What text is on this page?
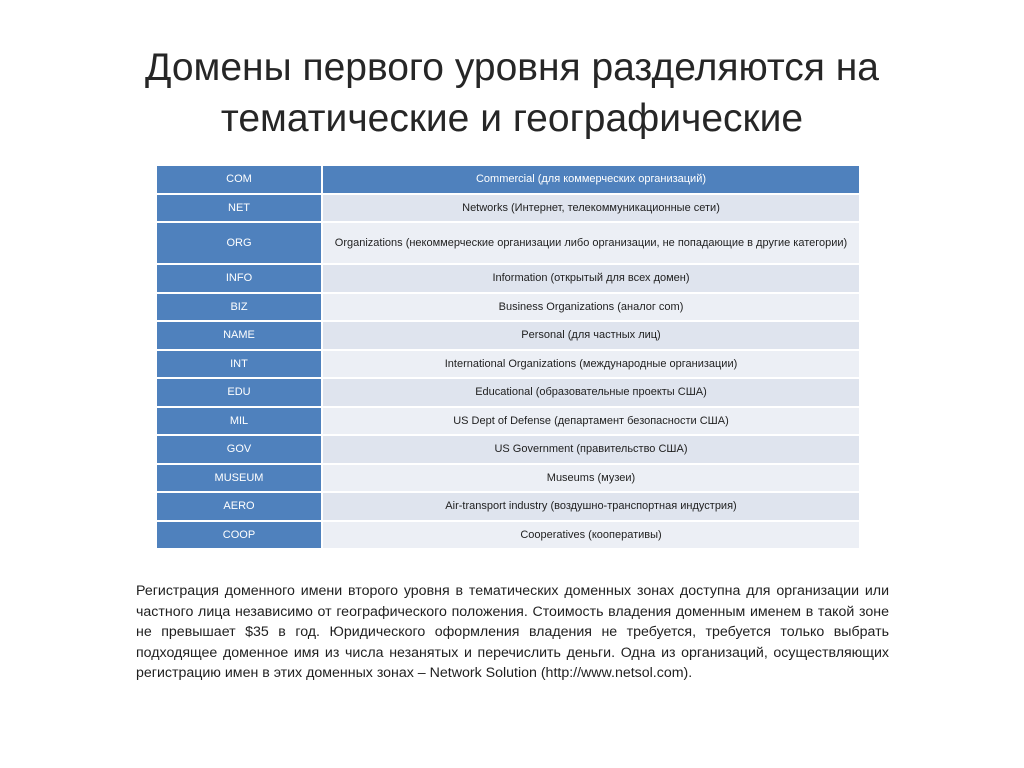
Домены первого уровня разделяются на
тематические и географические
COM	Commercial (для коммерческих организаций)
NET	Networks (Интернет, телекоммуникационные сети)
ORG	Organizations (некоммерческие организации либо организации, не попадающие в другие категории)
INFO	Information (открытый для всех домен)
BIZ	Business Organizations (аналог com)
NAME	Personal (для частных лиц)
INT	International Organizations (международные организации)
EDU	Educational (образовательные проекты США)
MIL	US Dept of Defense (департамент безопасности США)
GOV	US Government (правительство США)
MUSEUM	Museums (музеи)
AERO	Air-transport industry (воздушно-транспортная индустрия)
COOP	Cooperatives (кооперативы)
Регистрация доменного имени второго уровня в тематических доменных зонах доступна для организации или частного лица независимо от географического положения. Стоимость владения доменным именем в такой зоне не превышает $35 в год. Юридического оформления владения не требуется, требуется только выбрать подходящее доменное имя из числа незанятых и перечислить деньги. Одна из организаций, осуществляющих регистрацию имен в этих доменных зонах – Network Solution (http://www.netsol.com).
